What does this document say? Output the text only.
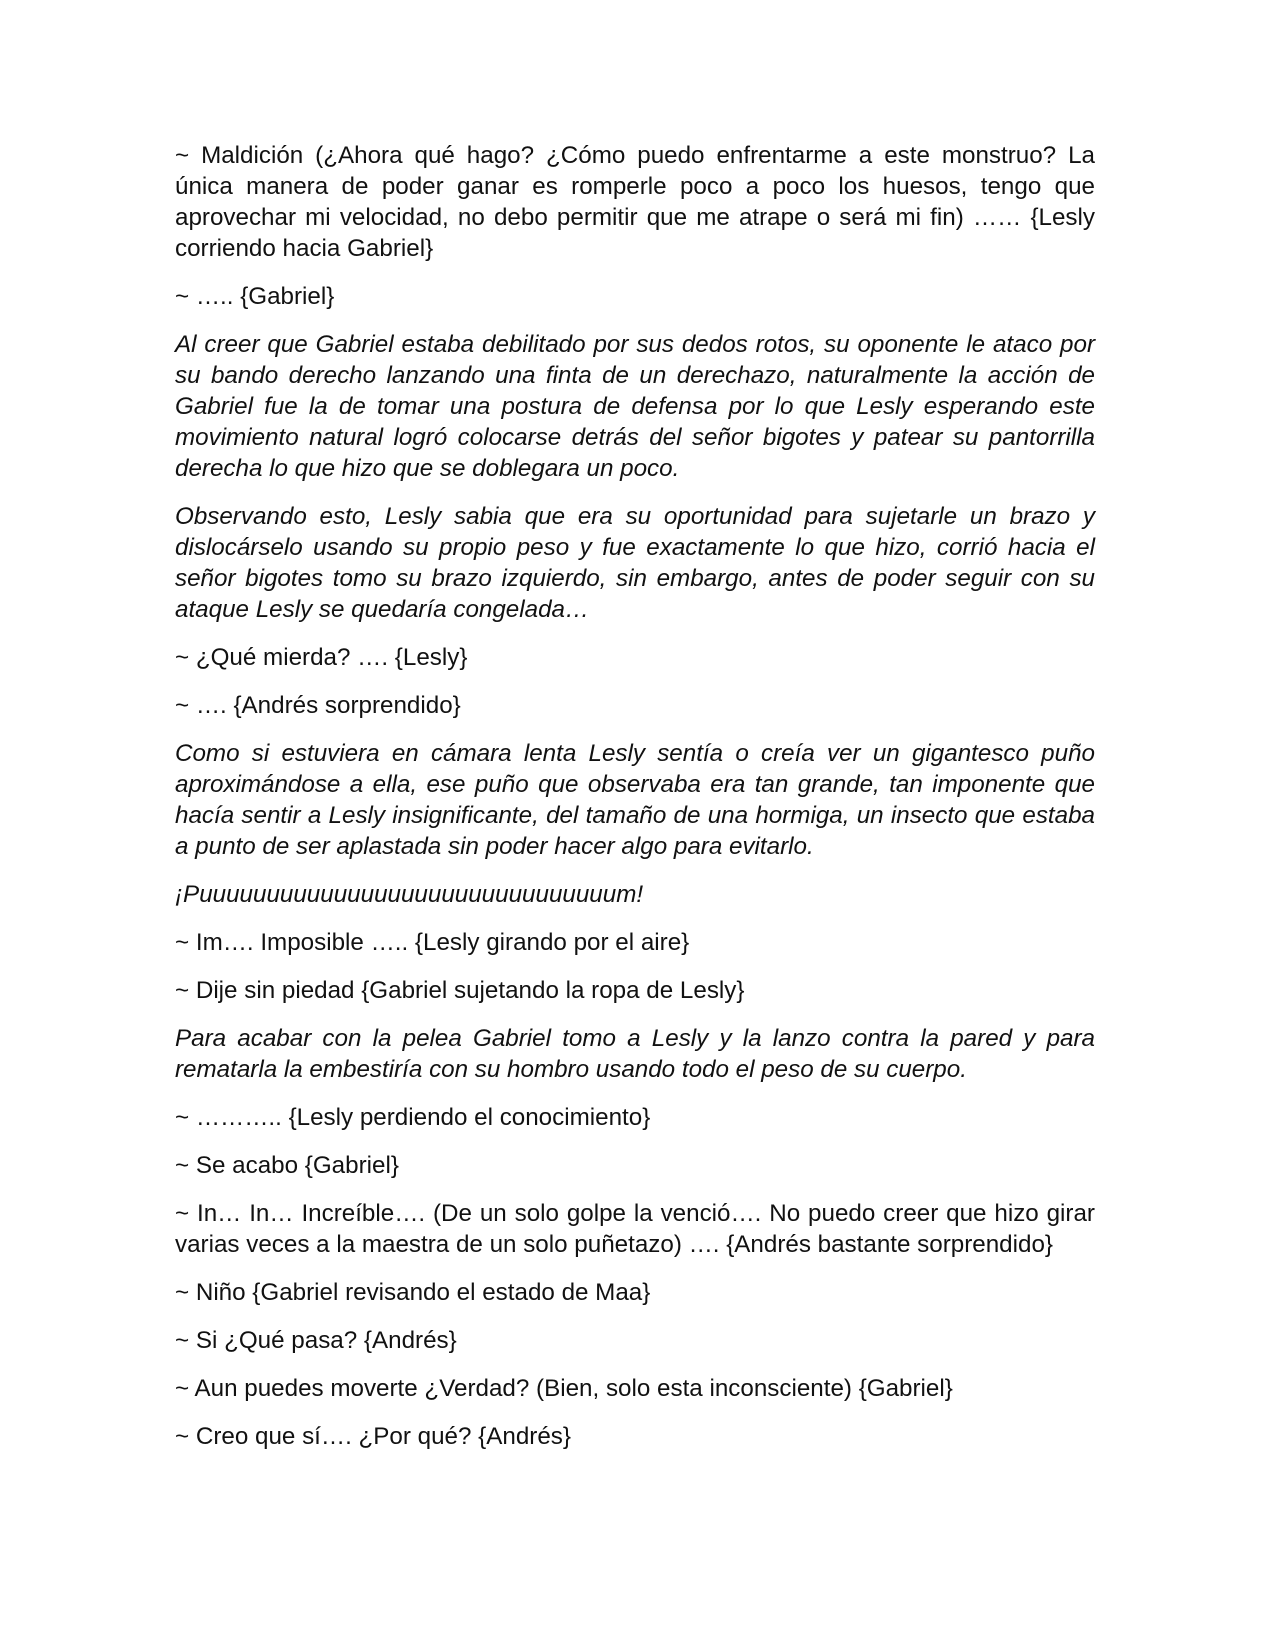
~ Maldición (¿Ahora qué hago? ¿Cómo puedo enfrentarme a este monstruo? La única manera de poder ganar es romperle poco a poco los huesos, tengo que aprovechar mi velocidad, no debo permitir que me atrape o será mi fin) …… {Lesly corriendo hacia Gabriel}

~ ….. {Gabriel}

Al creer que Gabriel estaba debilitado por sus dedos rotos, su oponente le ataco por su bando derecho lanzando una finta de un derechazo, naturalmente la acción de Gabriel fue la de tomar una postura de defensa por lo que Lesly esperando este movimiento natural logró colocarse detrás del señor bigotes y patear su pantorrilla derecha lo que hizo que se doblegara un poco.

Observando esto, Lesly sabia que era su oportunidad para sujetarle un brazo y dislocárselo usando su propio peso y fue exactamente lo que hizo, corrió hacia el señor bigotes tomo su brazo izquierdo, sin embargo, antes de poder seguir con su ataque Lesly se quedaría congelada…

~ ¿Qué mierda? …. {Lesly}

~ …. {Andrés sorprendido}

Como si estuviera en cámara lenta Lesly sentía o creía ver un gigantesco puño aproximándose a ella, ese puño que observaba era tan grande, tan imponente que hacía sentir a Lesly insignificante, del tamaño de una hormiga, un insecto que estaba a punto de ser aplastada sin poder hacer algo para evitarlo.

¡Puuuuuuuuuuuuuuuuuuuuuuuuuuuuuuum!

~ Im…. Imposible ….. {Lesly girando por el aire}

~ Dije sin piedad {Gabriel sujetando la ropa de Lesly}

Para acabar con la pelea Gabriel tomo a Lesly y la lanzo contra la pared y para rematarla la embestiría con su hombro usando todo el peso de su cuerpo.

~ ……….. {Lesly perdiendo el conocimiento}

~ Se acabo {Gabriel}

~ In… In… Increíble…. (De un solo golpe la venció…. No puedo creer que hizo girar varias veces a la maestra de un solo puñetazo) …. {Andrés bastante sorprendido}

~ Niño {Gabriel revisando el estado de Maa}

~ Si ¿Qué pasa? {Andrés}

~ Aun puedes moverte ¿Verdad? (Bien, solo esta inconsciente) {Gabriel}

~ Creo que sí…. ¿Por qué? {Andrés}
